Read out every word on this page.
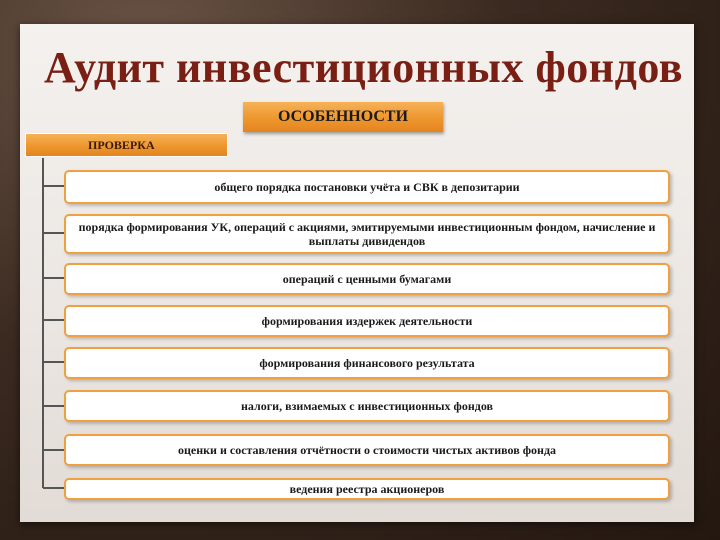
Аудит инвестиционных фондов
ОСОБЕННОСТИ
ПРОВЕРКА
общего порядка постановки учёта и СВК в депозитарии
порядка формирования УК, операций с акциями, эмитируемыми инвестиционным фондом, начисление и выплаты дивидендов
операций с ценными бумагами
формирования издержек деятельности
формирования финансового результата
налоги, взимаемых с инвестиционных фондов
оценки и составления отчётности о стоимости чистых активов фонда
ведения реестра акционеров
